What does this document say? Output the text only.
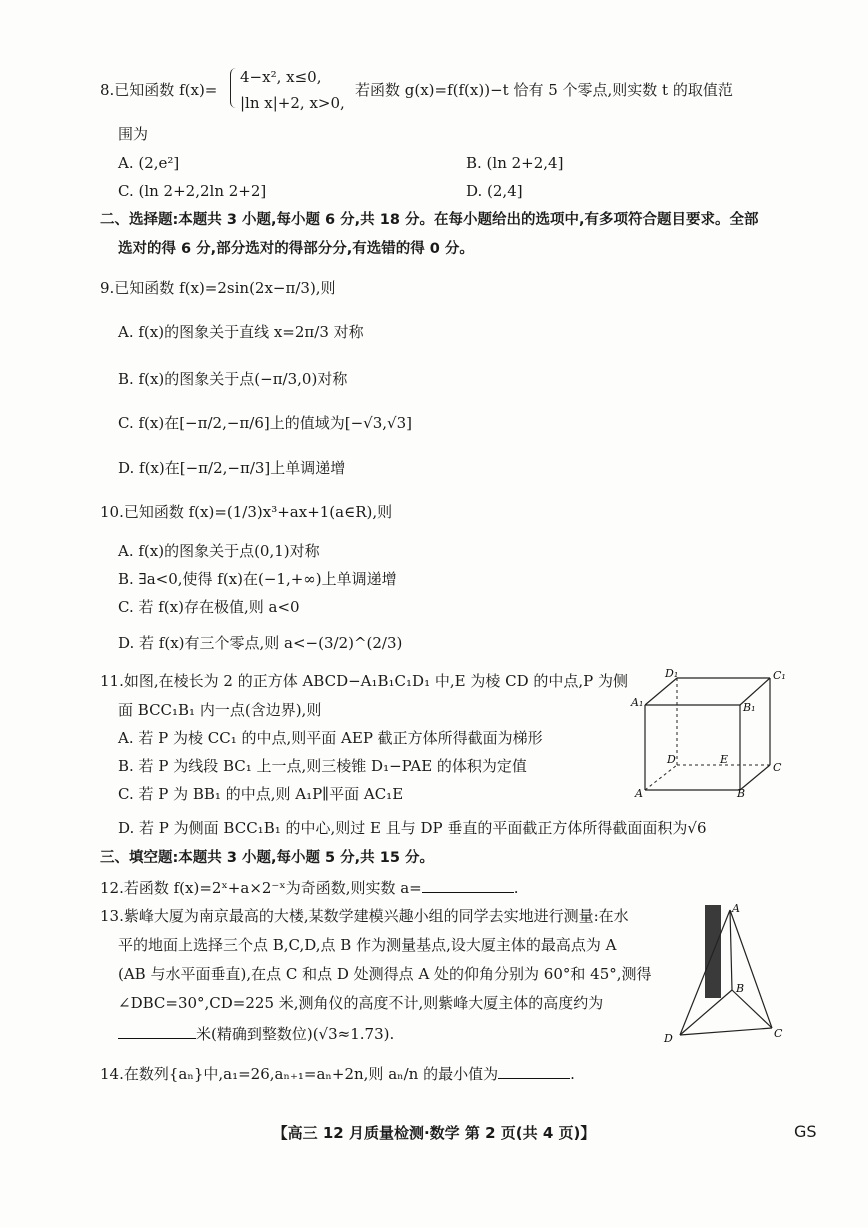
8.已知函数 f(x)=
4−x², x≤0,
|ln x|+2, x>0,
若函数 g(x)=f(f(x))−t 恰有 5 个零点,则实数 t 的取值范
围为
A. (2,e²]	B. (ln 2+2,4]
C. (ln 2+2,2ln 2+2]	D. (2,4]
二、选择题:本题共 3 小题,每小题 6 分,共 18 分。在每小题给出的选项中,有多项符合题目要求。全部
选对的得 6 分,部分选对的得部分分,有选错的得 0 分。
9.已知函数 f(x)=2sin(2x−π/3),则
A. f(x)的图象关于直线 x=2π/3 对称
B. f(x)的图象关于点(−π/3,0)对称
C. f(x)在[−π/2,−π/6]上的值域为[−√3,√3]
D. f(x)在[−π/2,−π/3]上单调递增
10.已知函数 f(x)=(1/3)x³+ax+1(a∈R),则
A. f(x)的图象关于点(0,1)对称
B. ∃a<0,使得 f(x)在(−1,+∞)上单调递增
C. 若 f(x)存在极值,则 a<0
D. 若 f(x)有三个零点,则 a<−(3/2)^(2/3)
11.如图,在棱长为 2 的正方体 ABCD−A₁B₁C₁D₁ 中,E 为棱 CD 的中点,P 为侧
面 BCC₁B₁ 内一点(含边界),则
A. 若 P 为棱 CC₁ 的中点,则平面 AEP 截正方体所得截面为梯形
B. 若 P 为线段 BC₁ 上一点,则三棱锥 D₁−PAE 的体积为定值
C. 若 P 为 BB₁ 的中点,则 A₁P∥平面 AC₁E
D. 若 P 为侧面 BCC₁B₁ 的中心,则过 E 且与 DP 垂直的平面截正方体所得截面面积为√6
D₁	C₁
A₁	B₁
D	E
C
A	B
三、填空题:本题共 3 小题,每小题 5 分,共 15 分。
12.若函数 f(x)=2ˣ+a×2⁻ˣ为奇函数,则实数 a=	.
13.紫峰大厦为南京最高的大楼,某数学建模兴趣小组的同学去实地进行测量:在水
平的地面上选择三个点 B,C,D,点 B 作为测量基点,设大厦主体的最高点为 A
(AB 与水平面垂直),在点 C 和点 D 处测得点 A 处的仰角分别为 60°和 45°,测得
∠DBC=30°,CD=225 米,测角仪的高度不计,则紫峰大厦主体的高度约为
米(精确到整数位)(√3≈1.73).
A
B
C
D
14.在数列{aₙ}中,a₁=26,aₙ₊₁=aₙ+2n,则 aₙ/n 的最小值为	.
【高三 12 月质量检测·数学 第 2 页(共 4 页)】	GS
